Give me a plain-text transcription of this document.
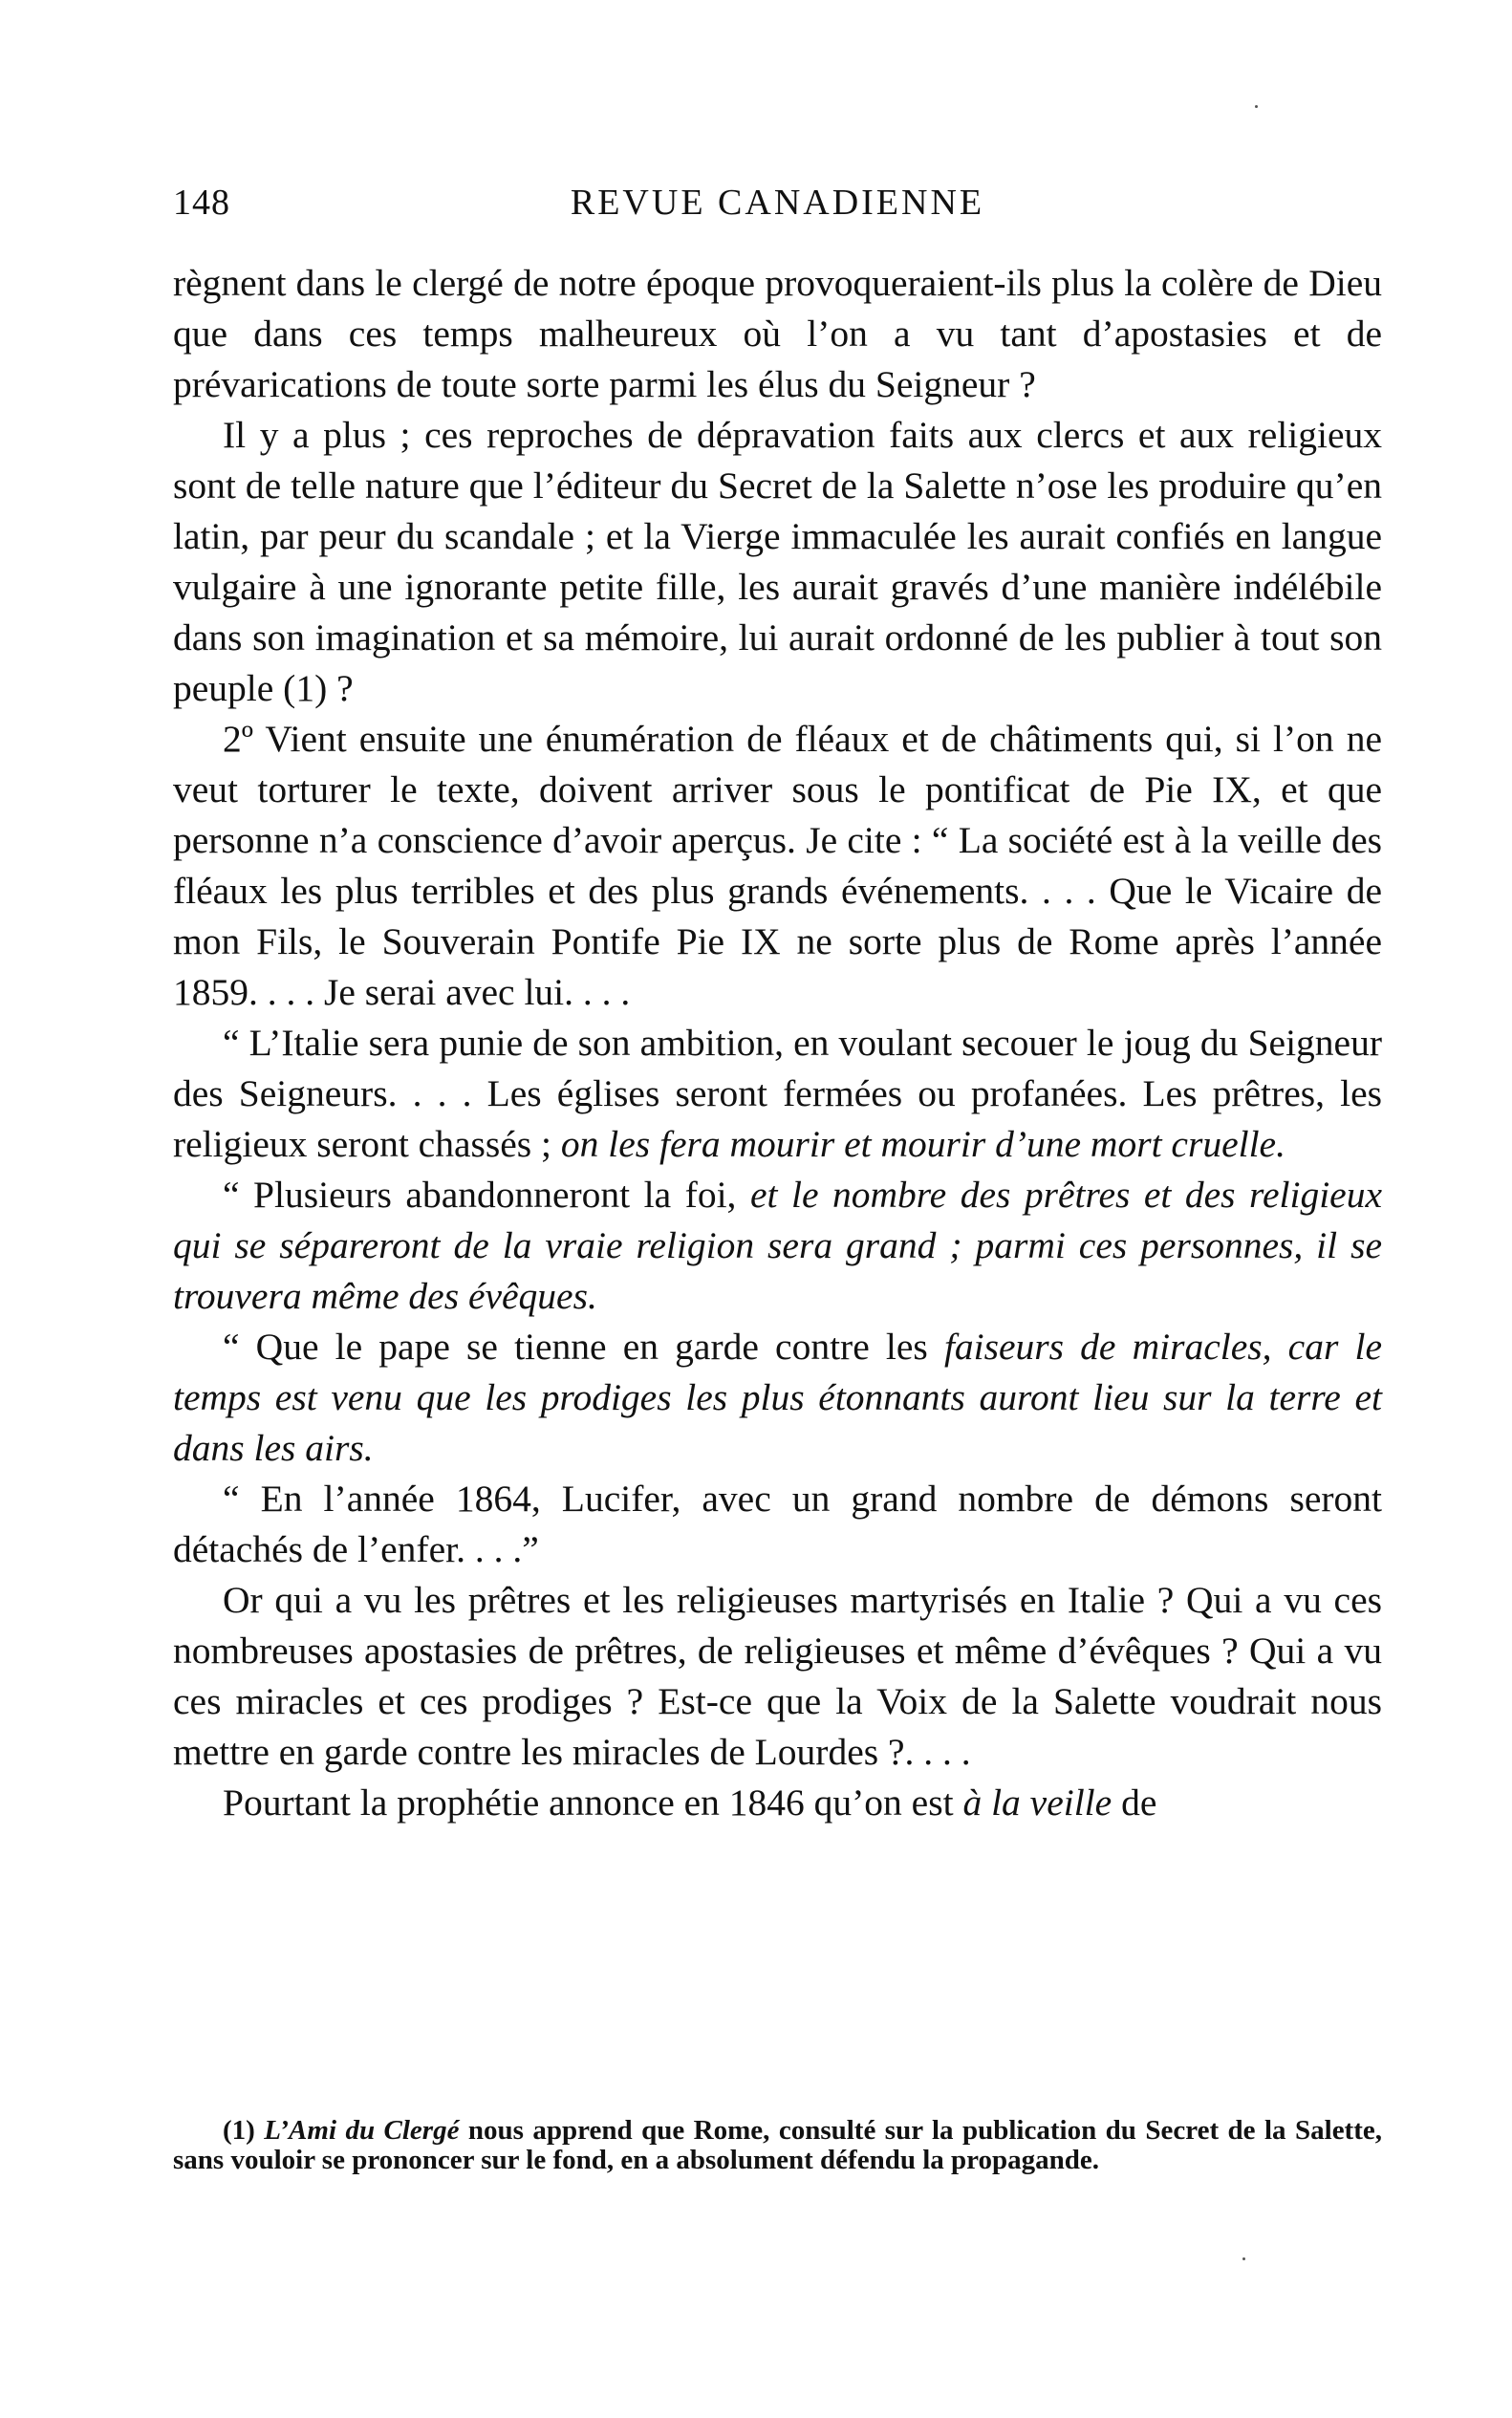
148	REVUE CANADIENNE

règnent dans le clergé de notre époque provoqueraient-ils plus la colère de Dieu que dans ces temps malheureux où l’on a vu tant d’apostasies et de prévarications de toute sorte parmi les élus du Seigneur ?

Il y a plus ; ces reproches de dépravation faits aux clercs et aux religieux sont de telle nature que l’éditeur du Secret de la Salette n’ose les produire qu’en latin, par peur du scandale ; et la Vierge immaculée les aurait confiés en langue vulgaire à une ignorante petite fille, les aurait gravés d’une manière indélébile dans son imagination et sa mémoire, lui aurait ordonné de les publier à tout son peuple (1) ?

2º Vient ensuite une énumération de fléaux et de châtiments qui, si l’on ne veut torturer le texte, doivent arriver sous le pontificat de Pie IX, et que personne n’a conscience d’avoir aperçus. Je cite : “ La société est à la veille des fléaux les plus terribles et des plus grands événements. . . . Que le Vicaire de mon Fils, le Souverain Pontife Pie IX ne sorte plus de Rome après l’année 1859. . . . Je serai avec lui. . . .

“ L’Italie sera punie de son ambition, en voulant secouer le joug du Seigneur des Seigneurs. . . . Les églises seront fermées ou profanées. Les prêtres, les religieux seront chassés ; on les fera mourir et mourir d’une mort cruelle.

“ Plusieurs abandonneront la foi, et le nombre des prêtres et des religieux qui se sépareront de la vraie religion sera grand ; parmi ces personnes, il se trouvera même des évêques.

“ Que le pape se tienne en garde contre les faiseurs de miracles, car le temps est venu que les prodiges les plus étonnants auront lieu sur la terre et dans les airs.

“ En l’année 1864, Lucifer, avec un grand nombre de démons seront détachés de l’enfer. . . .”

Or qui a vu les prêtres et les religieuses martyrisés en Italie ? Qui a vu ces nombreuses apostasies de prêtres, de religieuses et même d’évêques ? Qui a vu ces miracles et ces prodiges ? Est-ce que la Voix de la Salette voudrait nous mettre en garde contre les miracles de Lourdes ?. . . .

Pourtant la prophétie annonce en 1846 qu’on est à la veille de

(1) L’Ami du Clergé nous apprend que Rome, consulté sur la publication du Secret de la Salette, sans vouloir se prononcer sur le fond, en a absolument défendu la propagande.
